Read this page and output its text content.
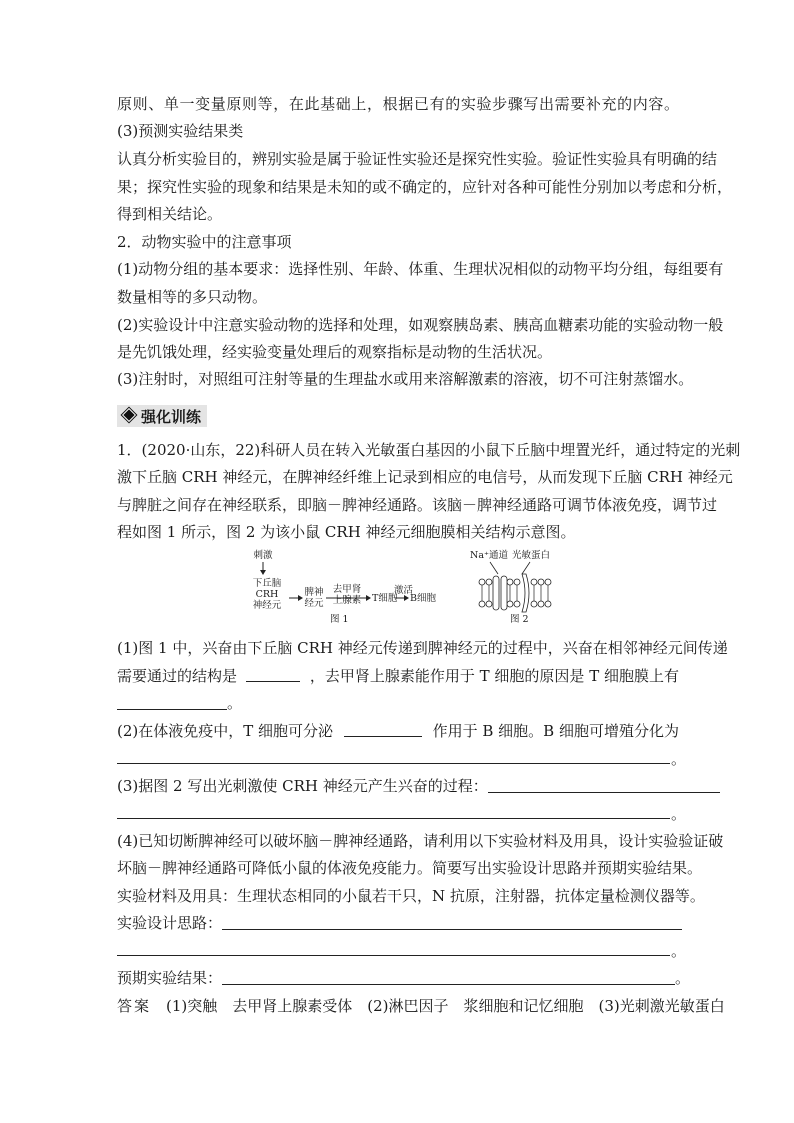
原则、单一变量原则等，在此基础上，根据已有的实验步骤写出需要补充的内容。
(3)预测实验结果类
认真分析实验目的，辨别实验是属于验证性实验还是探究性实验。验证性实验具有明确的结
果；探究性实验的现象和结果是未知的或不确定的，应针对各种可能性分别加以考虑和分析，
得到相关结论。
2．动物实验中的注意事项
(1)动物分组的基本要求：选择性别、年龄、体重、生理状况相似的动物平均分组，每组要有
数量相等的多只动物。
(2)实验设计中注意实验动物的选择和处理，如观察胰岛素、胰高血糖素功能的实验动物一般
是先饥饿处理，经实验变量处理后的观察指标是动物的生活状况。
(3)注射时，对照组可注射等量的生理盐水或用来溶解激素的溶液，切不可注射蒸馏水。
强化训练
1．(2020·山东，22)科研人员在转入光敏蛋白基因的小鼠下丘脑中埋置光纤，通过特定的光刺
激下丘脑 CRH 神经元，在脾神经纤维上记录到相应的电信号，从而发现下丘脑 CRH 神经元
与脾脏之间存在神经联系，即脑－脾神经通路。该脑－脾神经通路可调节体液免疫，调节过
程如图 1 所示，图 2 为该小鼠 CRH 神经元细胞膜相关结构示意图。
刺激
下丘脑
CRH
神经元
脾神
经元
去甲肾
上腺素 T细胞
激活
B细胞
图 1
Na⁺通道 光敏蛋白
图 2
(1)图 1 中，兴奋由下丘脑 CRH 神经元传递到脾神经元的过程中，兴奋在相邻神经元间传递
需要通过的结构是	，去甲肾上腺素能作用于 T 细胞的原因是 T 细胞膜上有
。
(2)在体液免疫中，T 细胞可分泌	作用于 B 细胞。B 细胞可增殖分化为
。
(3)据图 2 写出光刺激使 CRH 神经元产生兴奋的过程：
。
(4)已知切断脾神经可以破坏脑－脾神经通路，请利用以下实验材料及用具，设计实验验证破
坏脑－脾神经通路可降低小鼠的体液免疫能力。简要写出实验设计思路并预期实验结果。
实验材料及用具：生理状态相同的小鼠若干只，N 抗原，注射器，抗体定量检测仪器等。
实验设计思路：
。
预期实验结果：	。
答案　 (1)突触　去甲肾上腺素受体　(2)淋巴因子　浆细胞和记忆细胞　(3)光刺激光敏蛋白
